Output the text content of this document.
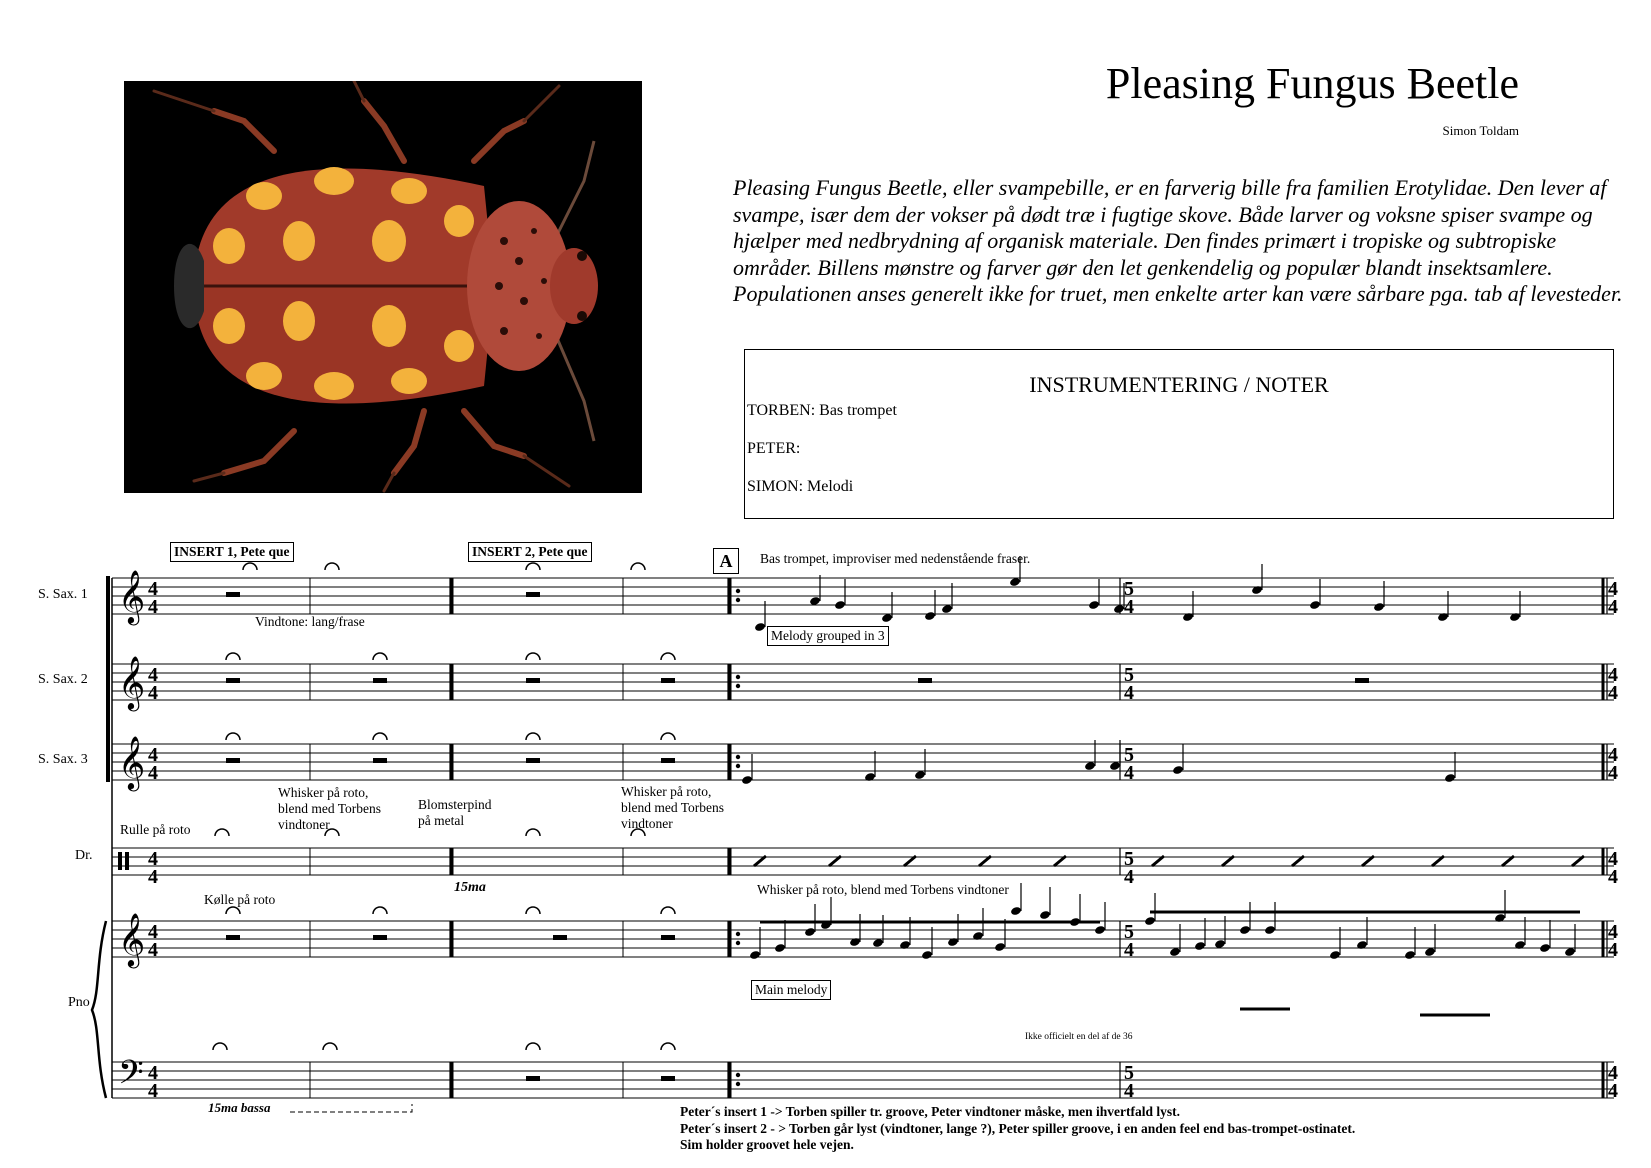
Pleasing Fungus Beetle
Simon Toldam
Pleasing Fungus Beetle, eller svampebille, er en farverig bille fra familien Erotylidae. Den lever af svampe, især dem der vokser på dødt træ i fugtige skove. Både larver og voksne spiser svampe og hjælper med nedbrydning af organisk materiale. Den findes primært i tropiske og subtropiske områder. Billens mønstre og farver gør den let genkendelig og populær blandt insektsamlere. Populationen anses generelt ikke for truet, men enkelte arter kan være sårbare pga. tab af levesteder.
INSTRUMENTERING / NOTER
TORBEN: Bas trompet
PETER:
SIMON: Melodi
𝄞
𝄞
𝄞
𝄞
𝄢
4
4
5
4
4
4
4
4
5
4
4
4
4
4
5
4
4
4
4
4
5
4
4
4
4
4
5
4
4
4
4
4
5
4
4
4
S. Sax. 1
S. Sax. 2
S. Sax. 3
Dr.
Pno
INSERT 1, Pete que	INSERT 2, Pete que	A	Bas trompet, improviser med nedenstående fraser.
Vindtone: lang/frase
Melody grouped in 3
Rulle på roto
Whisker på roto,
blend med Torbens
vindtoner
Blomsterpind
på metal
Whisker på roto,
blend med Torbens
vindtoner
Kølle på roto
Whisker på roto, blend med Torbens vindtoner
Main melody
15ma
15ma bassa
Ikke officielt en del af de 36
Peter´s insert 1 -> Torben spiller tr. groove, Peter vindtoner måske, men ihvertfald lyst.
Peter´s insert 2 - > Torben går lyst (vindtoner, lange ?), Peter spiller groove, i en anden feel end bas-trompet-ostinatet.
Sim holder groovet hele vejen.
